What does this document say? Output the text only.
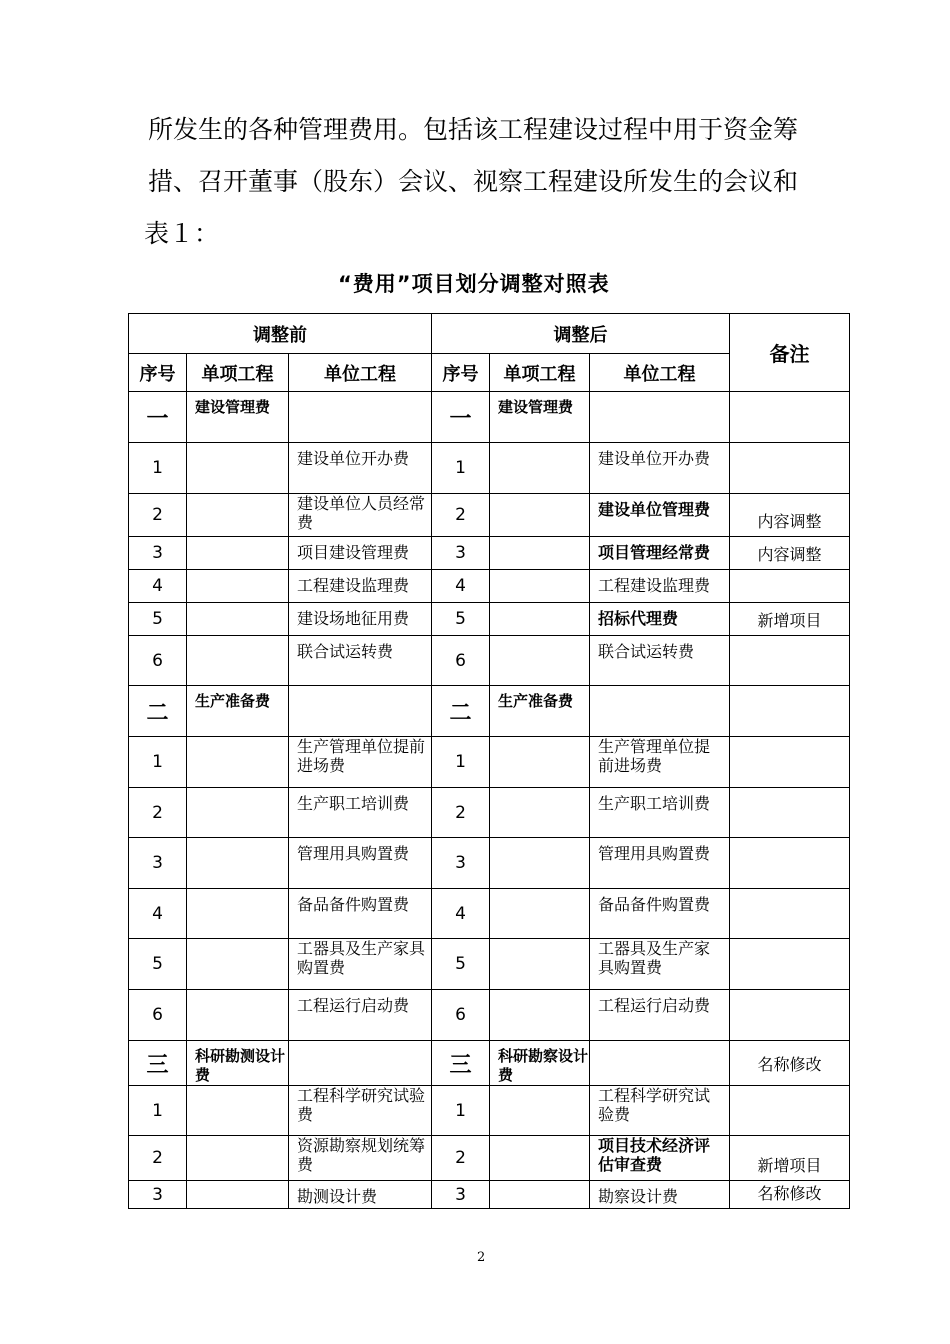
所发生的各种管理费用。包括该工程建设过程中用于资金筹
措、召开董事（股东）会议、视察工程建设所发生的会议和
表１：
“费用”项目划分调整对照表
调整前			调整后			备注
序号	单项工程	单位工程	序号	单项工程	单位工程	
一	建设管理费		一	建设管理费		
1		建设单位开办费	1		建设单位开办费	
2		建设单位人员经常费	2		建设单位管理费	内容调整
3		项目建设管理费	3		项目管理经常费	内容调整
4		工程建设监理费	4		工程建设监理费	
5		建设场地征用费	5		招标代理费	新增项目
6		联合试运转费	6		联合试运转费	
二	生产准备费		二	生产准备费		
1		生产管理单位提前进场费	1		生产管理单位提前进场费	
2		生产职工培训费	2		生产职工培训费	
3		管理用具购置费	3		管理用具购置费	
4		备品备件购置费	4		备品备件购置费	
5		工器具及生产家具购置费	5		工器具及生产家具购置费	
6		工程运行启动费	6		工程运行启动费	
三	科研勘测设计费		三	科研勘察设计费		名称修改
1		工程科学研究试验费	1		工程科学研究试验费	
2		资源勘察规划统筹费	2		项目技术经济评估审查费	新增项目
3		勘测设计费	3		勘察设计费	名称修改
2
